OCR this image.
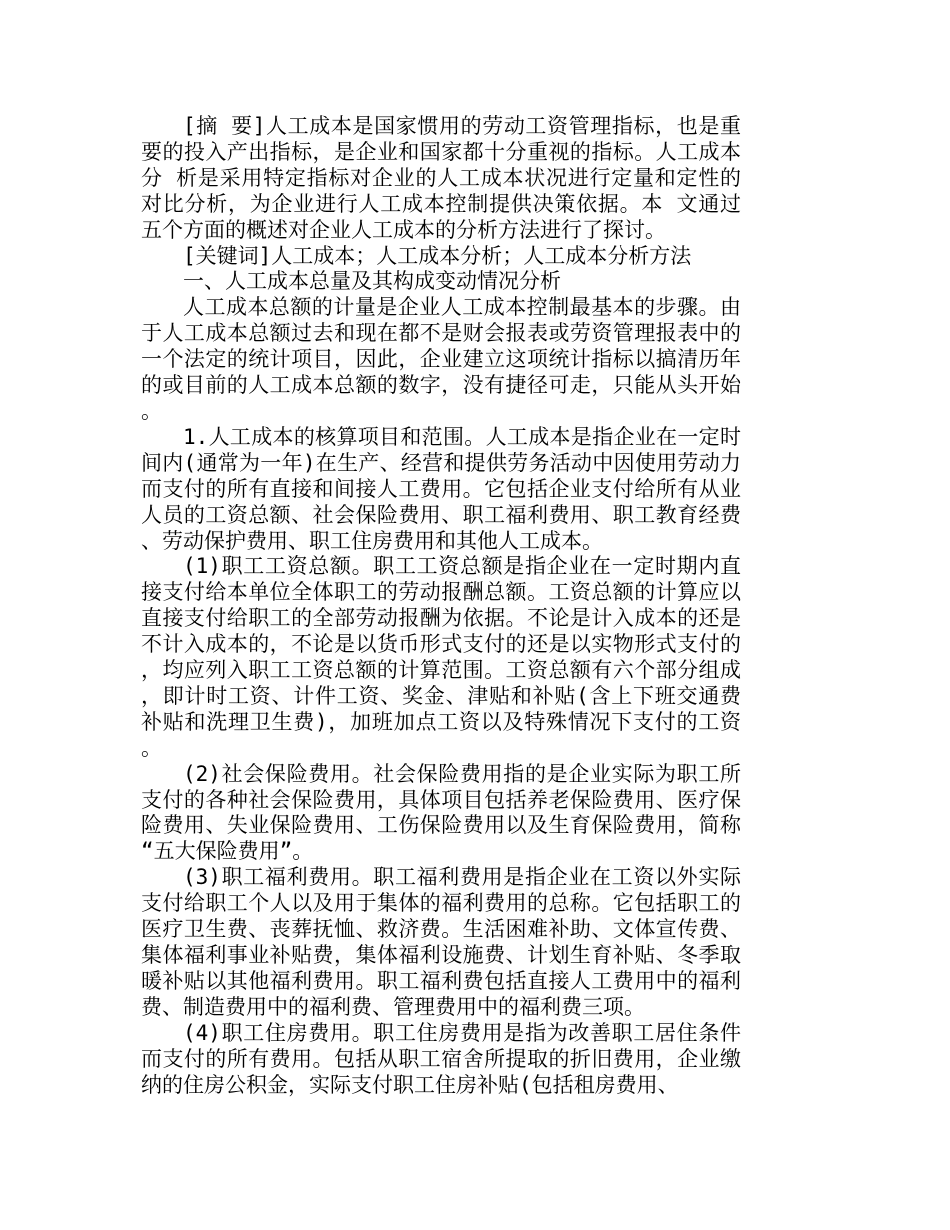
[摘 要]人工成本是国家惯用的劳动工资管理指标，也是重要的投入产出指标，是企业和国家都十分重视的指标。人工成本分 析是采用特定指标对企业的人工成本状况进行定量和定性的对比分析，为企业进行人工成本控制提供决策依据。本 文通过五个方面的概述对企业人工成本的分析方法进行了探讨。

[关键词]人工成本；人工成本分析；人工成本分析方法

一、人工成本总量及其构成变动情况分析

人工成本总额的计量是企业人工成本控制最基本的步骤。由于人工成本总额过去和现在都不是财会报表或劳资管理报表中的一个法定的统计项目，因此，企业建立这项统计指标以搞清历年的或目前的人工成本总额的数字，没有捷径可走，只能从头开始。

1.人工成本的核算项目和范围。人工成本是指企业在一定时间内(通常为一年)在生产、经营和提供劳务活动中因使用劳动力而支付的所有直接和间接人工费用。它包括企业支付给所有从业人员的工资总额、社会保险费用、职工福利费用、职工教育经费、劳动保护费用、职工住房费用和其他人工成本。

(1)职工工资总额。职工工资总额是指企业在一定时期内直接支付给本单位全体职工的劳动报酬总额。工资总额的计算应以直接支付给职工的全部劳动报酬为依据。不论是计入成本的还是不计入成本的，不论是以货币形式支付的还是以实物形式支付的，均应列入职工工资总额的计算范围。工资总额有六个部分组成，即计时工资、计件工资、奖金、津贴和补贴(含上下班交通费补贴和洗理卫生费)，加班加点工资以及特殊情况下支付的工资。

(2)社会保险费用。社会保险费用指的是企业实际为职工所支付的各种社会保险费用，具体项目包括养老保险费用、医疗保险费用、失业保险费用、工伤保险费用以及生育保险费用，简称“五大保险费用”。

(3)职工福利费用。职工福利费用是指企业在工资以外实际支付给职工个人以及用于集体的福利费用的总称。它包括职工的医疗卫生费、丧葬抚恤、救济费。生活困难补助、文体宣传费、集体福利事业补贴费，集体福利设施费、计划生育补贴、冬季取暖补贴以其他福利费用。职工福利费包括直接人工费用中的福利费、制造费用中的福利费、管理费用中的福利费三项。

(4)职工住房费用。职工住房费用是指为改善职工居住条件而支付的所有费用。包括从职工宿舍所提取的折旧费用，企业缴纳的住房公积金，实际支付职工住房补贴(包括租房费用、
